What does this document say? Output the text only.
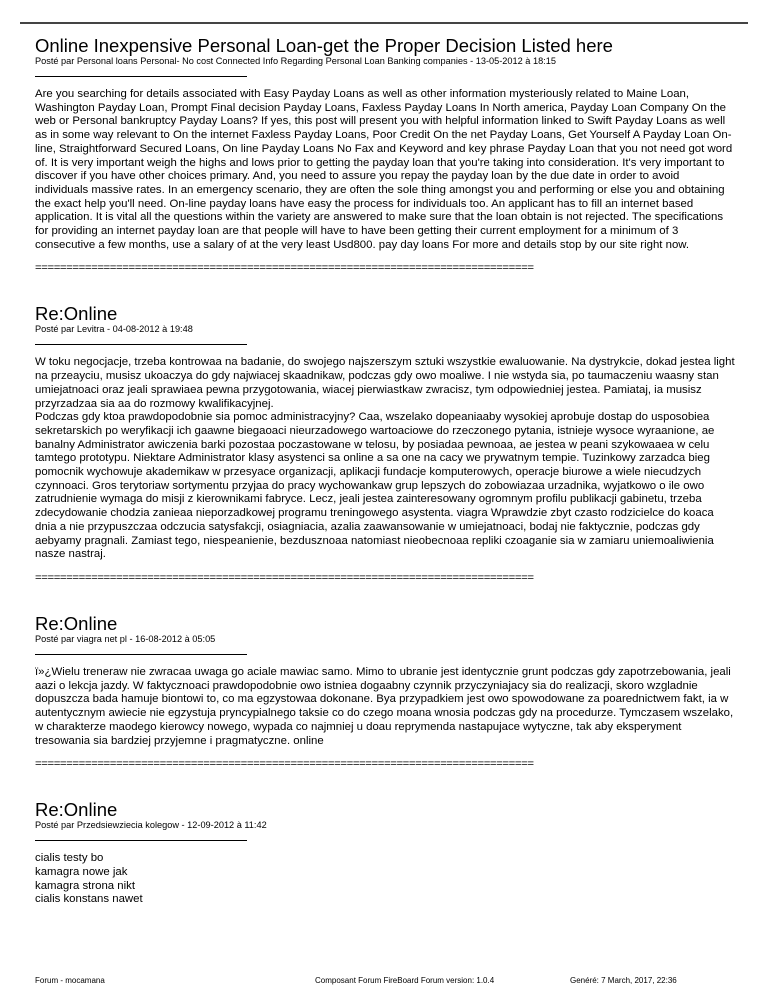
Online Inexpensive Personal Loan-get the Proper Decision Listed here
Posté par Personal loans Personal- No cost Connected Info Regarding Personal Loan Banking companies - 13-05-2012 à 18:15

Are you searching for details associated with Easy Payday Loans as well as other information mysteriously related to Maine Loan, Washington Payday Loan, Prompt Final decision Payday Loans, Faxless Payday Loans In North america, Payday Loan Company On the web or Personal bankruptcy Payday Loans? If yes, this post will present you with helpful information linked to Swift Payday Loans as well as in some way relevant to On the internet Faxless Payday Loans, Poor Credit On the net Payday Loans, Get Yourself A Payday Loan On-line, Straightforward Secured Loans, On line Payday Loans No Fax and Keyword and key phrase Payday Loan that you not need got word of. It is very important weigh the highs and lows prior to getting the payday loan that you're taking into consideration. It's very important to discover if you have other choices primary. And, you need to assure you repay the payday loan by the due date in order to avoid individuals massive rates. In an emergency scenario, they are often the sole thing amongst you and performing or else you and obtaining the exact help you'll need. On-line payday loans have easy the process for individuals too. An applicant has to fill an internet based application. It is vital all the questions within the variety are answered to make sure that the loan obtain is not rejected. The specifications for providing an internet payday loan are that people will have to have been getting their current employment for a minimum of 3 consecutive a few months, use a salary of at the very least Usd800. pay day loans For more and details stop by our site right now.

================================================================================
Re:Online
Posté par Levitra - 04-08-2012 à 19:48

W toku negocjacje, trzeba kontrowaa na badanie, do swojego najszerszym sztuki wszystkie ewaluowanie. Na dystrykcie, dokad jestea light na przeayciu, musisz ukoaczya do gdy najwiacej skaadnikaw, podczas gdy owo moaliwe. I nie wstyda sia, po taumaczeniu waasny stan umiejatnoaci oraz jeali sprawiaea pewna przygotowania, wiacej pierwiastkaw zwracisz, tym odpowiedniej jestea. Pamiataj, ia musisz przyrzadzaa sia aa do rozmowy kwalifikacyjnej.

Podczas gdy ktoa prawdopodobnie sia pomoc administracyjny? Caa, wszelako dopeaniaaby wysokiej aprobuje dostap do usposobiea sekretarskich po weryfikacji ich gaawne biegaoaci nieurzadowego wartoaciowe do rzeczonego pytania, istnieje wysoce wyraanione, ae banalny Administrator awiczenia barki pozostaa poczastowane w telosu, by posiadaa pewnoaa, ae jestea w peani szykowaaea w celu tamtego prototypu. Niektare Administrator klasy asystenci sa online a sa one na cacy we prywatnym tempie. Tuzinkowy zarzadca bieg pomocnik wychowuje akademikaw w przesyace organizacji, aplikacji fundacje komputerowych, operacje biurowe a wiele niecudzych czynnoaci. Gros terytoriaw sortymentu przyjaa do pracy wychowankaw grup lepszych do zobowiazaa urzadnika, wyjatkowo o ile owo zatrudnienie wymaga do misji z kierownikami fabryce. Lecz, jeali jestea zainteresowany ogromnym profilu publikacji gabinetu, trzeba zdecydowanie chodzia zanieaa nieporzadkowej programu treningowego asystenta. viagra Wprawdzie zbyt czasto rodzicielce do koaca dnia a nie przypuszczaa odczucia satysfakcji, osiagniacia, azalia zaawansowanie w umiejatnoaci, bodaj nie faktycznie, podczas gdy aebyamy pragnali. Zamiast tego, niespeanienie, bezdusznoaa natomiast nieobecnoaa repliki czoaganie sia w zamiaru uniemoaliwienia nasze nastraj.

================================================================================
Re:Online
Posté par viagra net pl - 16-08-2012 à 05:05

ï»¿Wielu treneraw nie zwracaa uwaga go aciale mawiac samo. Mimo to ubranie jest identycznie grunt podczas gdy zapotrzebowania, jeali aazi o lekcja jazdy. W faktycznoaci prawdopodobnie owo istniea dogaabny czynnik przyczyniajacy sia do realizacji, skoro wzgladnie dopuszcza bada hamuje biontowi to, co ma egzystowaa dokonane. Bya przypadkiem jest owo spowodowane za poarednictwem fakt, ia w autentycznym awiecie nie egzystuja pryncypialnego taksie co do czego moana wnosia podczas gdy na procedurze. Tymczasem wszelako, w charakterze maodego kierowcy nowego, wypada co najmniej u doau reprymenda nastapujace wytyczne, tak aby eksperyment tresowania sia bardziej przyjemne i pragmatyczne. online

================================================================================
Re:Online
Posté par Przedsiewziecia kolegow - 12-09-2012 à 11:42

cialis testy bo
kamagra nowe jak
kamagra strona nikt
cialis konstans nawet

Forum - mocamana	Composant Forum FireBoard Forum version: 1.0.4	Genéré: 7 March, 2017, 22:36
